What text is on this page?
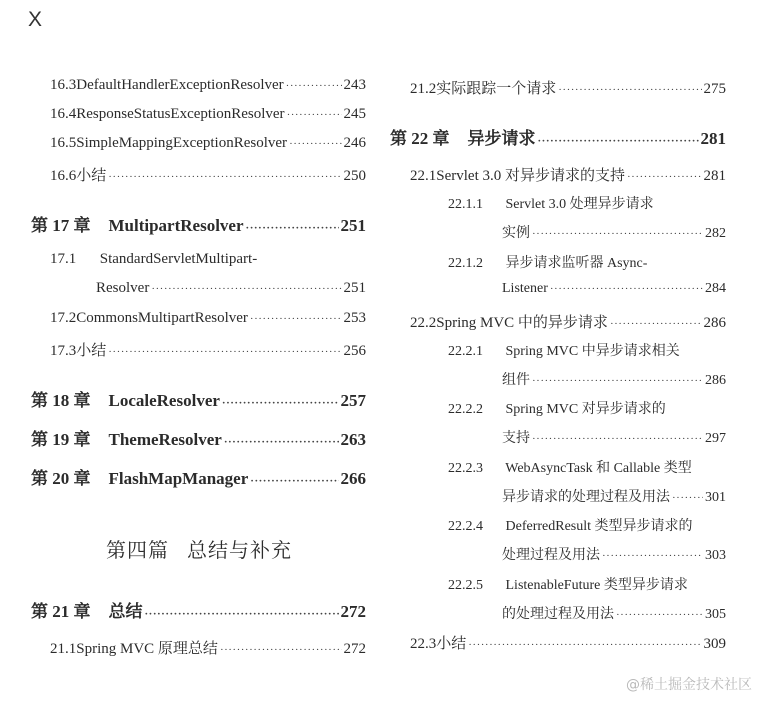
X
16.3 DefaultHandlerExceptionResolver ·····	243
16.4 ResponseStatusExceptionResolver ·····	245
16.5 SimpleMappingExceptionResolver ·····	246
16.6 小结 ·····	250
第 17 章 MultipartResolver ·····	251
17.1 StandardServletMultipart-
Resolver ·····	251
17.2 CommonsMultipartResolver ·····	253
17.3 小结 ·····	256
第 18 章 LocaleResolver ·····	257
第 19 章 ThemeResolver ·····	263
第 20 章 FlashMapManager ·····	266
第四篇 总结与补充
第 21 章 总结 ·····	272
21.1 Spring MVC 原理总结 ·····	272
21.2 实际跟踪一个请求 ·····	275
第 22 章 异步请求 ·····	281
22.1 Servlet 3.0 对异步请求的支持 ·····	281
22.1.1 Servlet 3.0 处理异步请求
实例 ·····	282
22.1.2 异步请求监听器 Async-
Listener ·····	284
22.2 Spring MVC 中的异步请求 ·····	286
22.2.1 Spring MVC 中异步请求相关
组件 ·····	286
22.2.2 Spring MVC 对异步请求的
支持 ·····	297
22.2.3 WebAsyncTask 和 Callable 类型
异步请求的处理过程及用法 ·····	301
22.2.4 DeferredResult 类型异步请求的
处理过程及用法 ·····	303
22.2.5 ListenableFuture 类型异步请求
的处理过程及用法 ·····	305
22.3 小结 ·····	309
@稀土掘金技术社区
